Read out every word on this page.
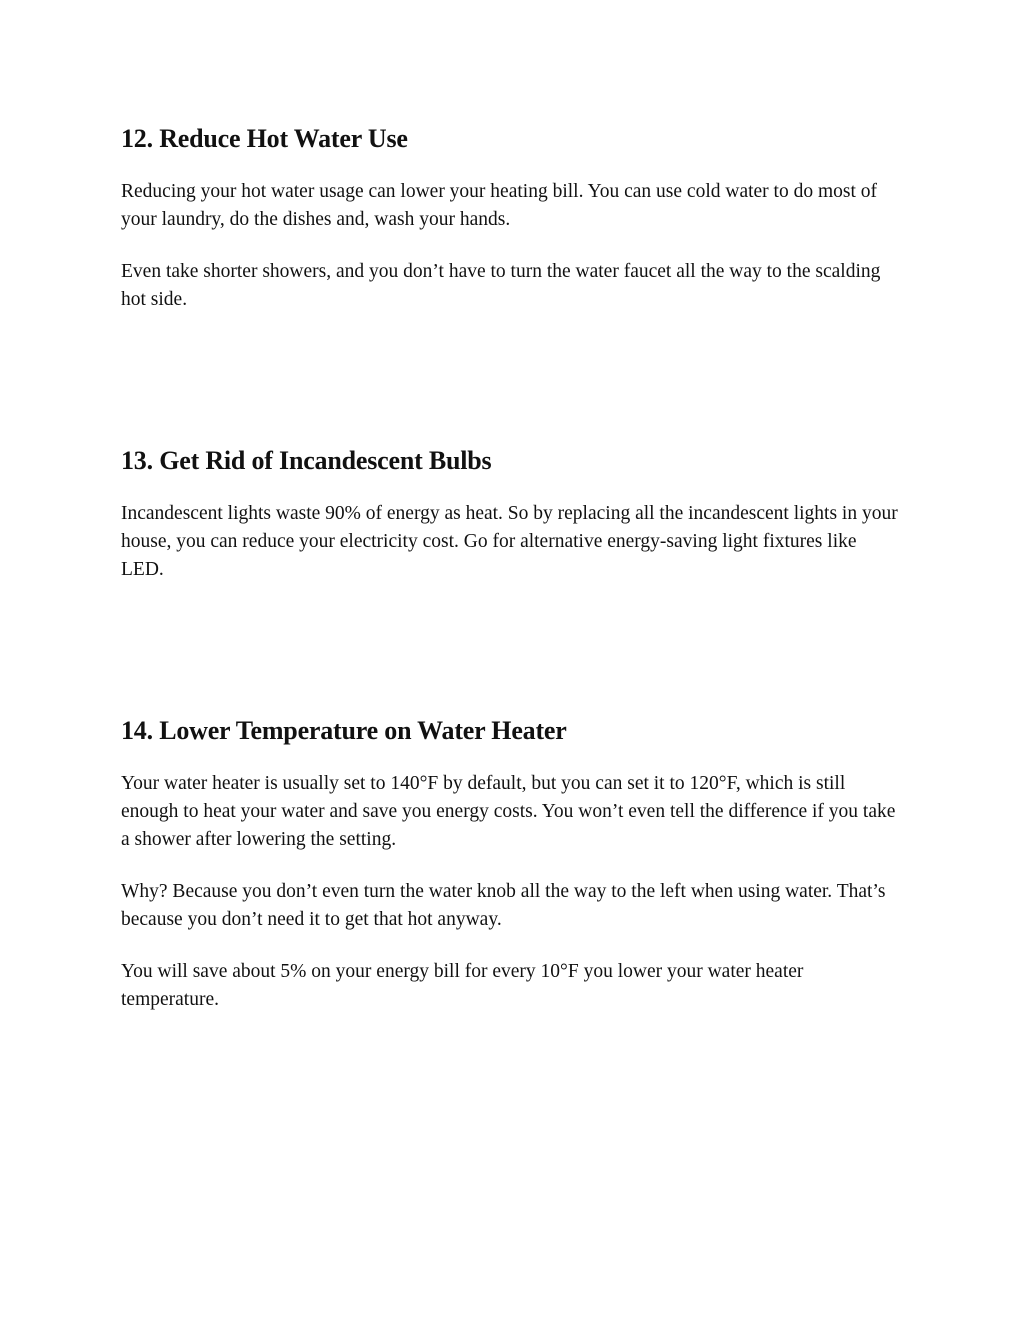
12. Reduce Hot Water Use

Reducing your hot water usage can lower your heating bill. You can use cold water to do most of your laundry, do the dishes and, wash your hands.

Even take shorter showers, and you don’t have to turn the water faucet all the way to the scalding hot side.

13. Get Rid of Incandescent Bulbs

Incandescent lights waste 90% of energy as heat. So by replacing all the incandescent lights in your house, you can reduce your electricity cost. Go for alternative energy-saving light fixtures like LED.

14. Lower Temperature on Water Heater

Your water heater is usually set to 140°F by default, but you can set it to 120°F, which is still enough to heat your water and save you energy costs. You won’t even tell the difference if you take a shower after lowering the setting.

Why? Because you don’t even turn the water knob all the way to the left when using water. That’s because you don’t need it to get that hot anyway.

You will save about 5% on your energy bill for every 10°F you lower your water heater temperature.
